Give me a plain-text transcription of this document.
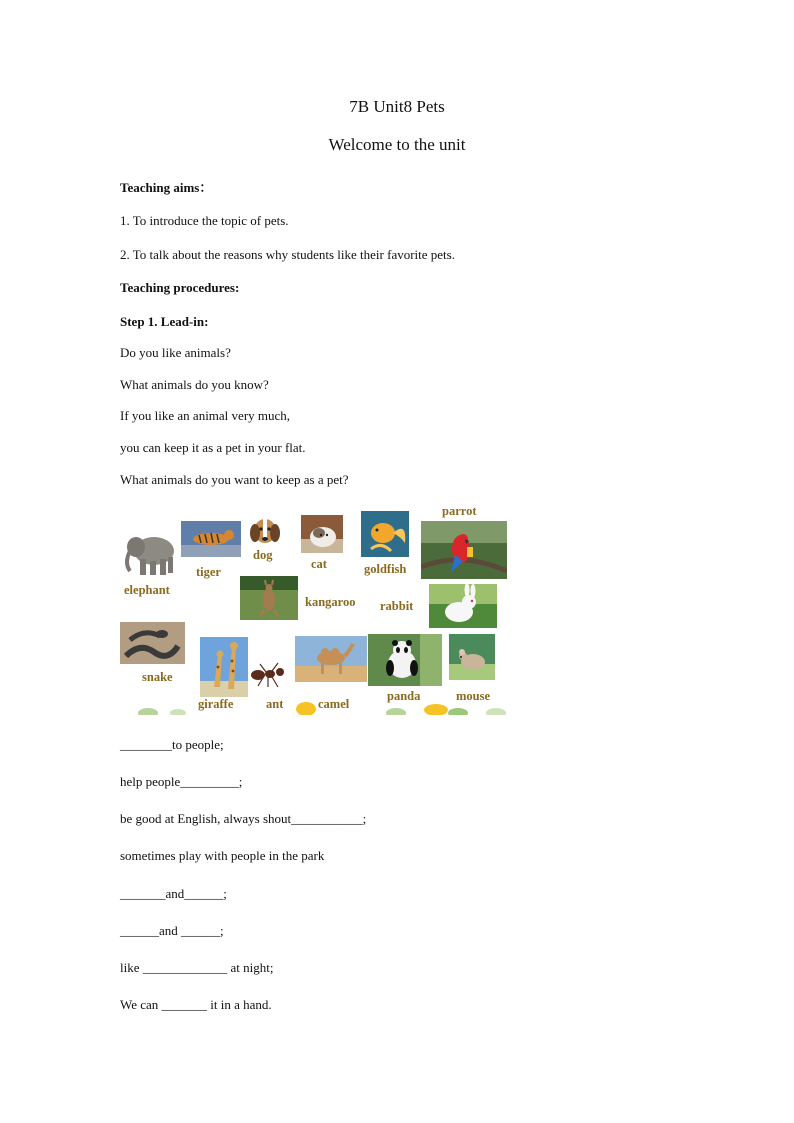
7B Unit8 Pets
Welcome to the unit
Teaching aims：
1. To introduce the topic of pets.
2. To talk about the reasons why students like their favorite pets.
Teaching procedures:
Step 1. Lead-in:
Do you like animals?
What animals do you know?
If you like an animal very much,
you can keep it as a pet in your flat.
What animals do you want to keep as a pet?
elephant
tiger
dog
cat	goldfish
parrot
kangaroo rabbit
snake
giraffe	ant	camel
panda	mouse
________to people;
help people_________;
be good at English, always shout___________;
sometimes play with people in the park
_______and______;
______and ______;
like _____________ at night;
We can _______ it in a hand.
